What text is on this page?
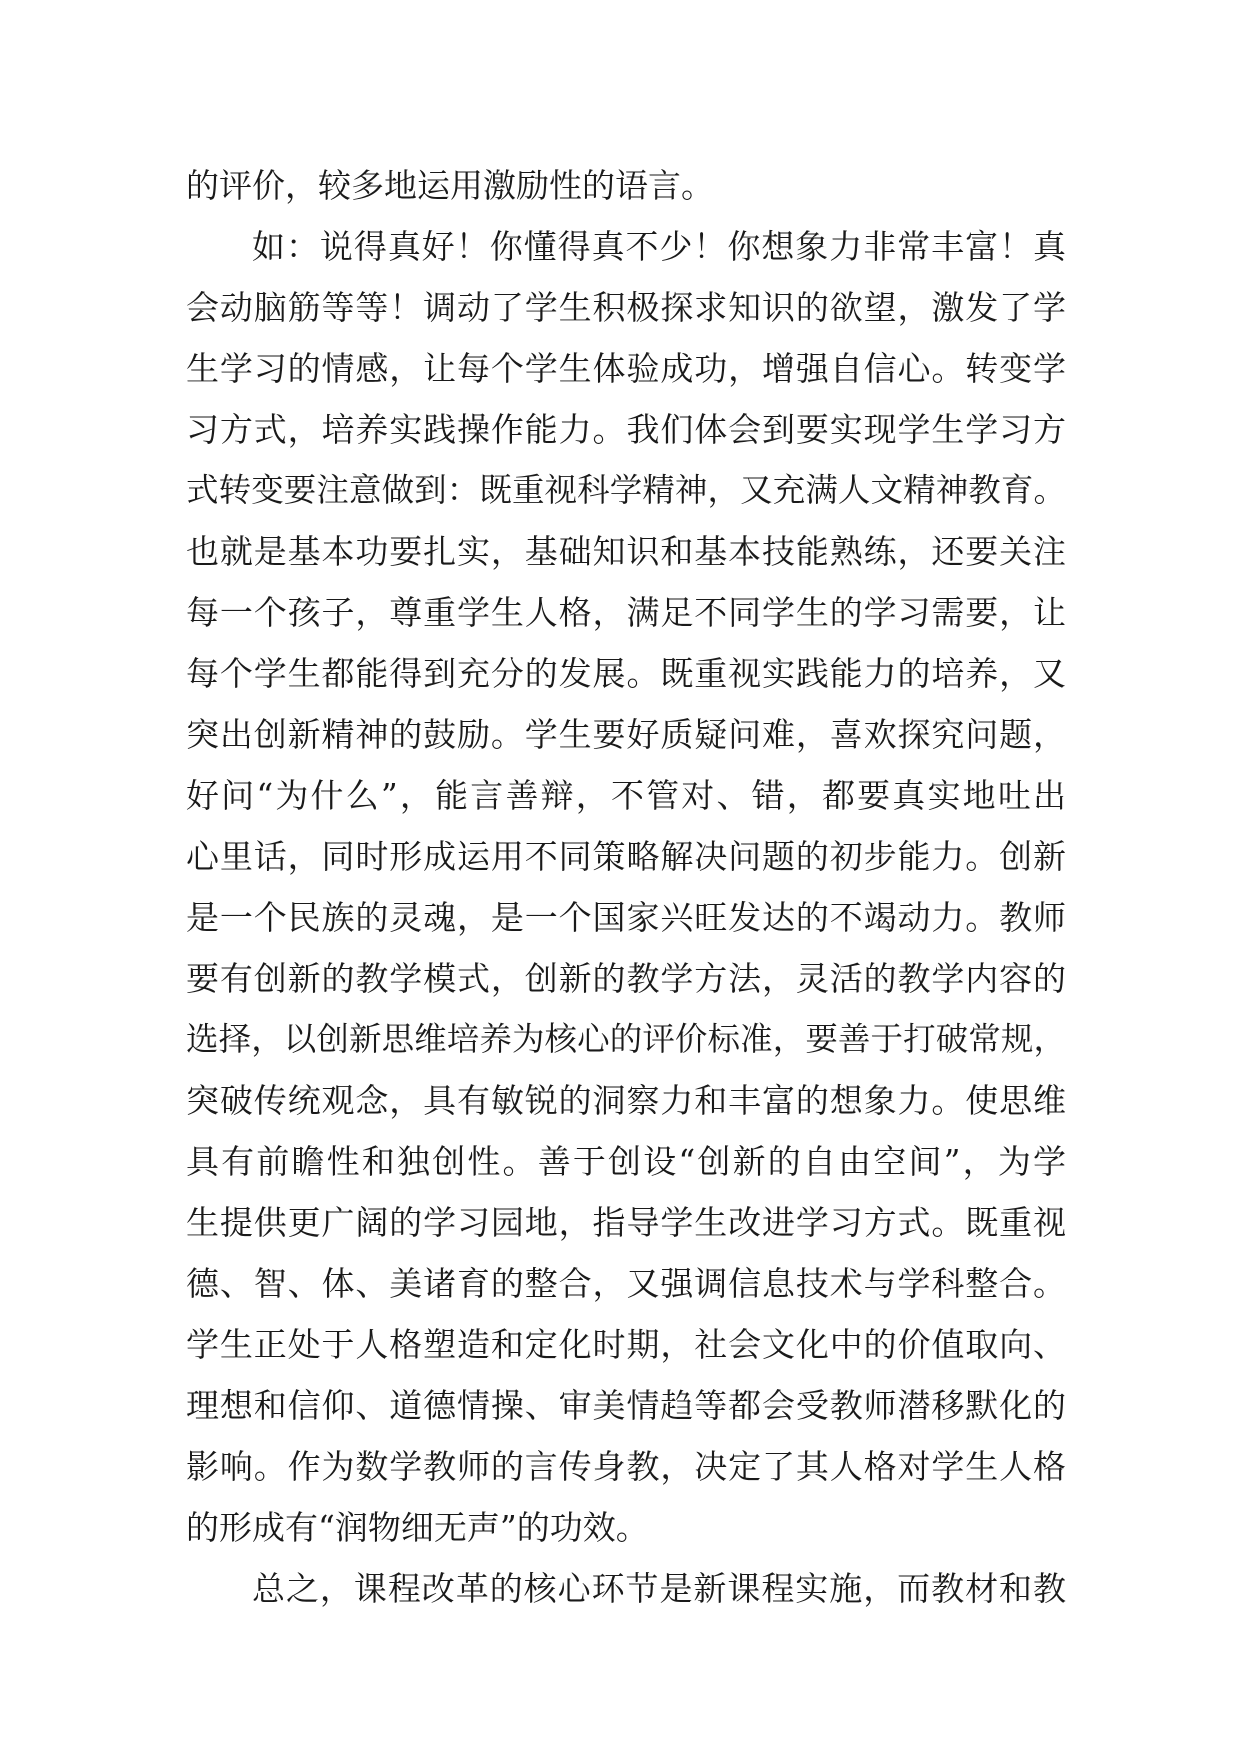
的评价，较多地运用激励性的语言。
如：说得真好！你懂得真不少！你想象力非常丰富！真
会动脑筋等等！调动了学生积极探求知识的欲望，激发了学
生学习的情感，让每个学生体验成功，增强自信心。转变学
习方式，培养实践操作能力。我们体会到要实现学生学习方
式转变要注意做到：既重视科学精神，又充满人文精神教育。
也就是基本功要扎实，基础知识和基本技能熟练，还要关注
每一个孩子，尊重学生人格，满足不同学生的学习需要，让
每个学生都能得到充分的发展。既重视实践能力的培养，又
突出创新精神的鼓励。学生要好质疑问难，喜欢探究问题，
好问“为什么”，能言善辩，不管对、错，都要真实地吐出
心里话，同时形成运用不同策略解决问题的初步能力。创新
是一个民族的灵魂，是一个国家兴旺发达的不竭动力。教师
要有创新的教学模式，创新的教学方法，灵活的教学内容的
选择，以创新思维培养为核心的评价标准，要善于打破常规，
突破传统观念，具有敏锐的洞察力和丰富的想象力。使思维
具有前瞻性和独创性。善于创设“创新的自由空间”，为学
生提供更广阔的学习园地，指导学生改进学习方式。既重视
德、智、体、美诸育的整合，又强调信息技术与学科整合。
学生正处于人格塑造和定化时期，社会文化中的价值取向、
理想和信仰、道德情操、审美情趋等都会受教师潜移默化的
影响。作为数学教师的言传身教，决定了其人格对学生人格
的形成有“润物细无声”的功效。
总之，课程改革的核心环节是新课程实施，而教材和教
